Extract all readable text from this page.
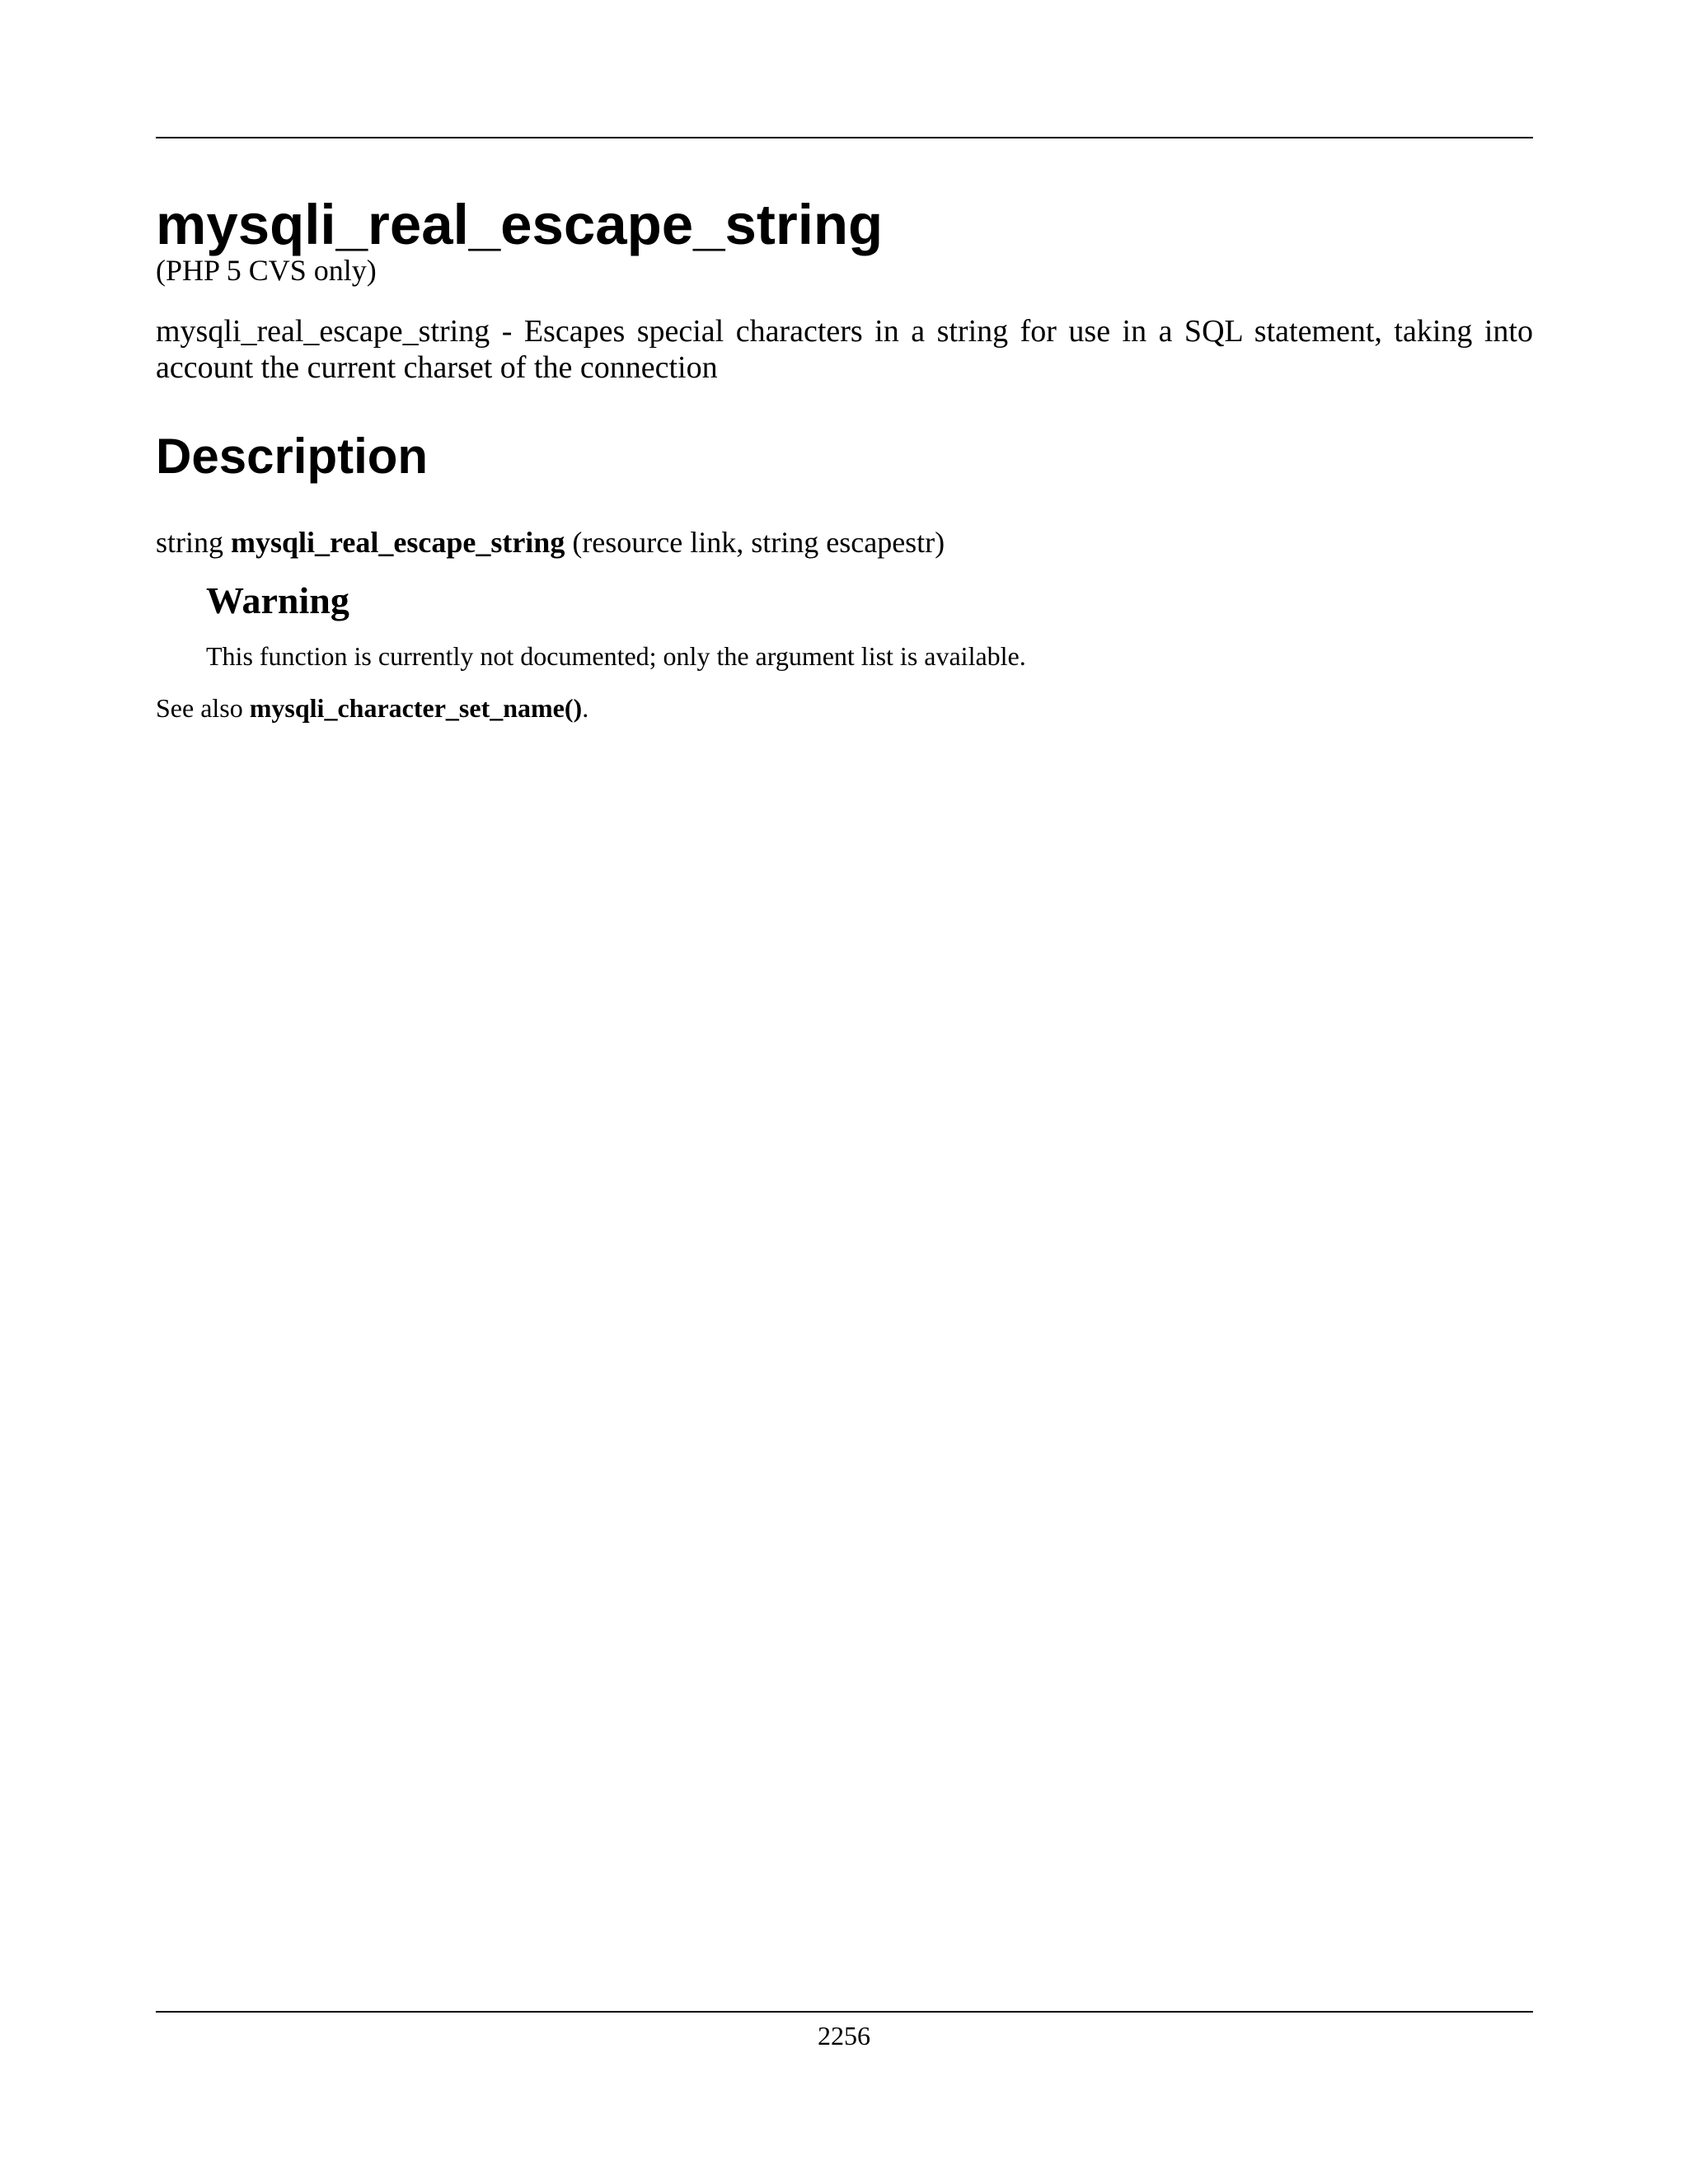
mysqli_real_escape_string
(PHP 5 CVS only)

mysqli_real_escape_string - Escapes special characters in a string for use in a SQL statement, taking into account the current charset of the connection

Description
string mysqli_real_escape_string (resource link, string escapestr)
Warning

This function is currently not documented; only the argument list is available.

See also mysqli_character_set_name().

2256
